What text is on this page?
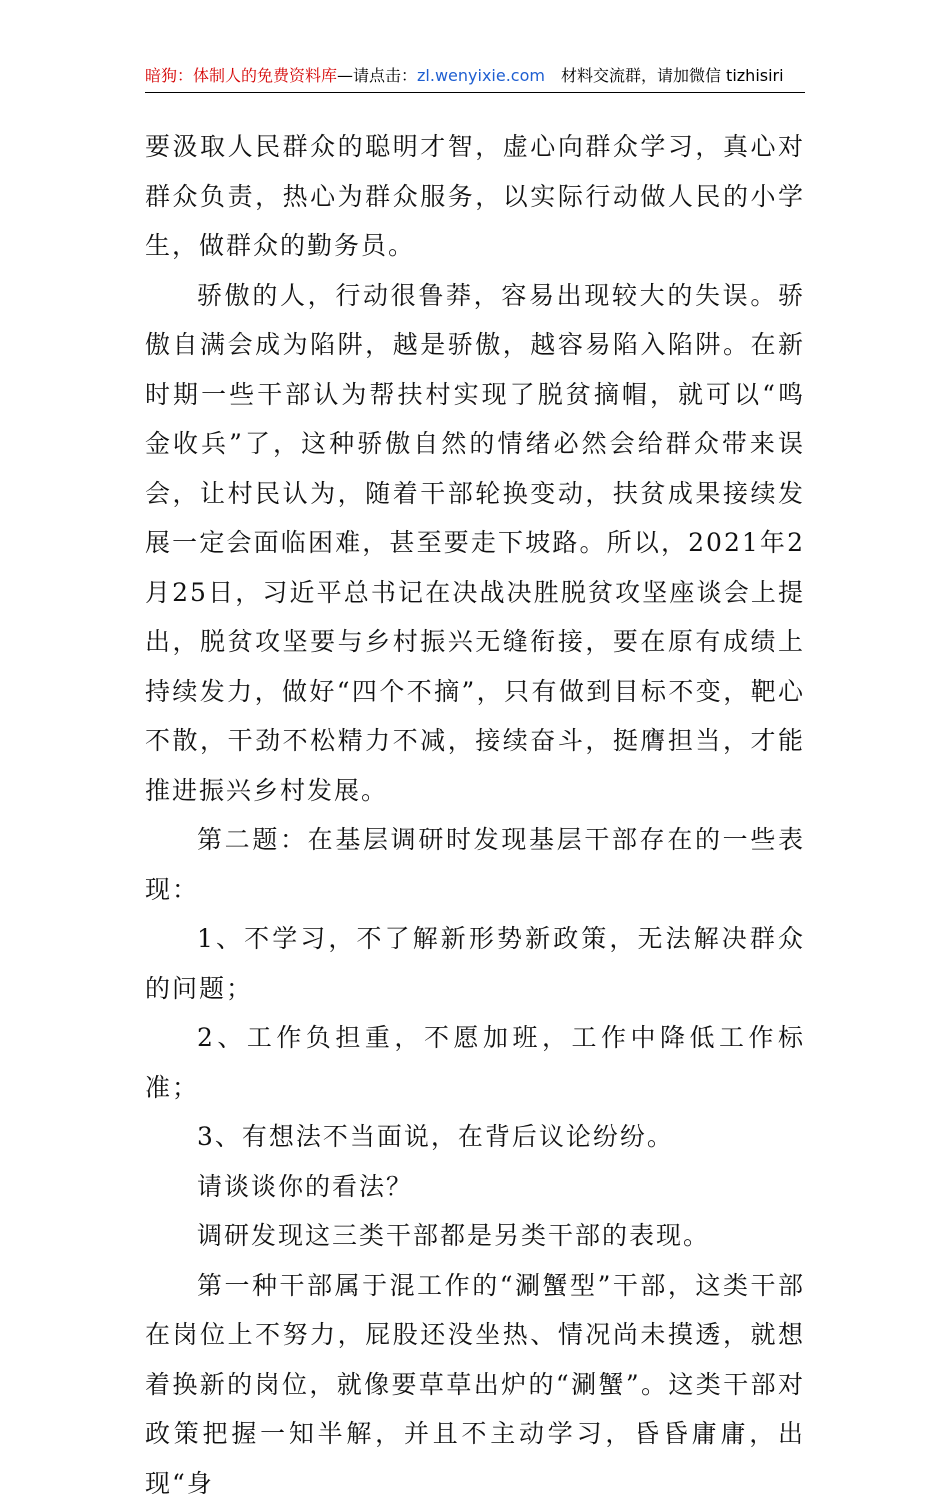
暗狗：体制人的免费资料库—请点击：zl.wenyixie.com 材料交流群，请加微信 tizhisiri

要汲取人民群众的聪明才智，虚心向群众学习，真心对群众负责，热心为群众服务，以实际行动做人民的小学生，做群众的勤务员。

骄傲的人，行动很鲁莽，容易出现较大的失误。骄傲自满会成为陷阱，越是骄傲，越容易陷入陷阱。在新时期一些干部认为帮扶村实现了脱贫摘帽，就可以“鸣金收兵”了，这种骄傲自然的情绪必然会给群众带来误会，让村民认为，随着干部轮换变动，扶贫成果接续发展一定会面临困难，甚至要走下坡路。所以，2021年2月25日，习近平总书记在决战决胜脱贫攻坚座谈会上提出，脱贫攻坚要与乡村振兴无缝衔接，要在原有成绩上持续发力，做好“四个不摘”，只有做到目标不变，靶心不散，干劲不松精力不减，接续奋斗，挺膺担当，才能推进振兴乡村发展。

第二题：在基层调研时发现基层干部存在的一些表现：

1、不学习，不了解新形势新政策，无法解决群众的问题；

2、工作负担重，不愿加班，工作中降低工作标准；

3、有想法不当面说，在背后议论纷纷。

请谈谈你的看法？

调研发现这三类干部都是另类干部的表现。

第一种干部属于混工作的“涮蟹型”干部，这类干部在岗位上不努力，屁股还没坐热、情况尚未摸透，就想着换新的岗位，就像要草草出炉的“涮蟹”。这类干部对政策把握一知半解，并且不主动学习，昏昏庸庸，出现“身
